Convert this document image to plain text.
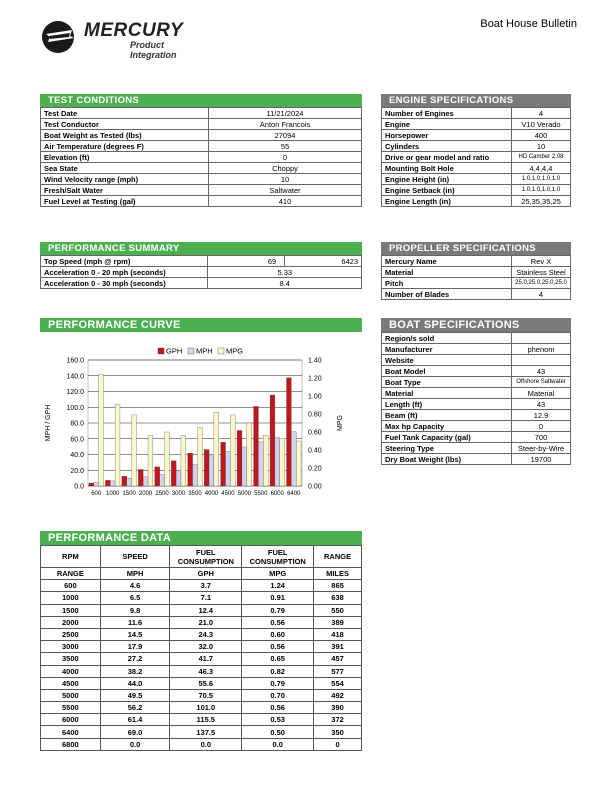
MERCURY
Product Integration
Boat House Bulletin
TEST CONDITIONS
Test Date	11/21/2024
Test Conductor	Anton Francois
Boat Weight as Tested (lbs)	27094
Air Temperature (degrees F)	55
Elevation (ft)	0
Sea State	Choppy
Wind Velocity range (mph)	10
Fresh/Salt Water	Saltwater
Fuel Level at Testing (gal)	410
ENGINE SPECIFICATIONS
Number of Engines	4
Engine	V10 Verado
Horsepower	400
Cylinders	10
Drive or gear model and ratio	HD Camber 2.08
Mounting Bolt Hole	4,4,4,4
Engine Height (in)	1.0,1.0,1.0,1.0
Engine Setback (in)	1.0,1.0,1.0,1.0
Engine Length (in)	25,35,35,25
PERFORMANCE SUMMARY
Top Speed (mph @ rpm)	69	6423
Acceleration 0 - 20 mph (seconds)	5.33	
Acceleration 0 - 30 mph (seconds)	8.4	
PROPELLER SPECIFICATIONS
Mercury Name	Rev X
Material	Stainless Steel
Pitch	25.0,25.0,25.0,25.0
Number of Blades	4
PERFORMANCE CURVE
0.0
20.0
40.0
60.0
80.0
100.0
120.0
140.0
160.0
0.00
0.20
0.40
0.60
0.80
1.00
1.20
1.40
600 1000 1500 2000 2500 3000 3500 4000 4500 5000 5500 6000 6400
MPH / GPH	MPG
GPH MPH MPG
BOAT SPECIFICATIONS
Region/s sold	
Manufacturer	phenom
Website	
Boat Model	43
Boat Type	Offshore Saltwater
Material	Material
Length (ft)	43
Beam (ft)	12.9
Max hp Capacity	0
Fuel Tank Capacity (gal)	700
Steering Type	Steer-by-Wire
Dry Boat Weight (lbs)	19700
PERFORMANCE DATA
RPM	SPEED	FUEL CONSUMPTION	FUEL CONSUMPTION	RANGE
RANGE	MPH	GPH	MPG	MILES
600	4.6	3.7	1.24	865
1000	6.5	7.1	0.91	638
1500	9.8	12.4	0.79	550
2000	11.6	21.0	0.56	389
2500	14.5	24.3	0.60	418
3000	17.9	32.0	0.56	391
3500	27.2	41.7	0.65	457
4000	38.2	46.3	0.82	577
4500	44.0	55.6	0.79	554
5000	49.5	70.5	0.70	492
5500	56.2	101.0	0.56	390
6000	61.4	115.5	0.53	372
6400	69.0	137.5	0.50	350
6800	0.0	0.0	0.0	0
